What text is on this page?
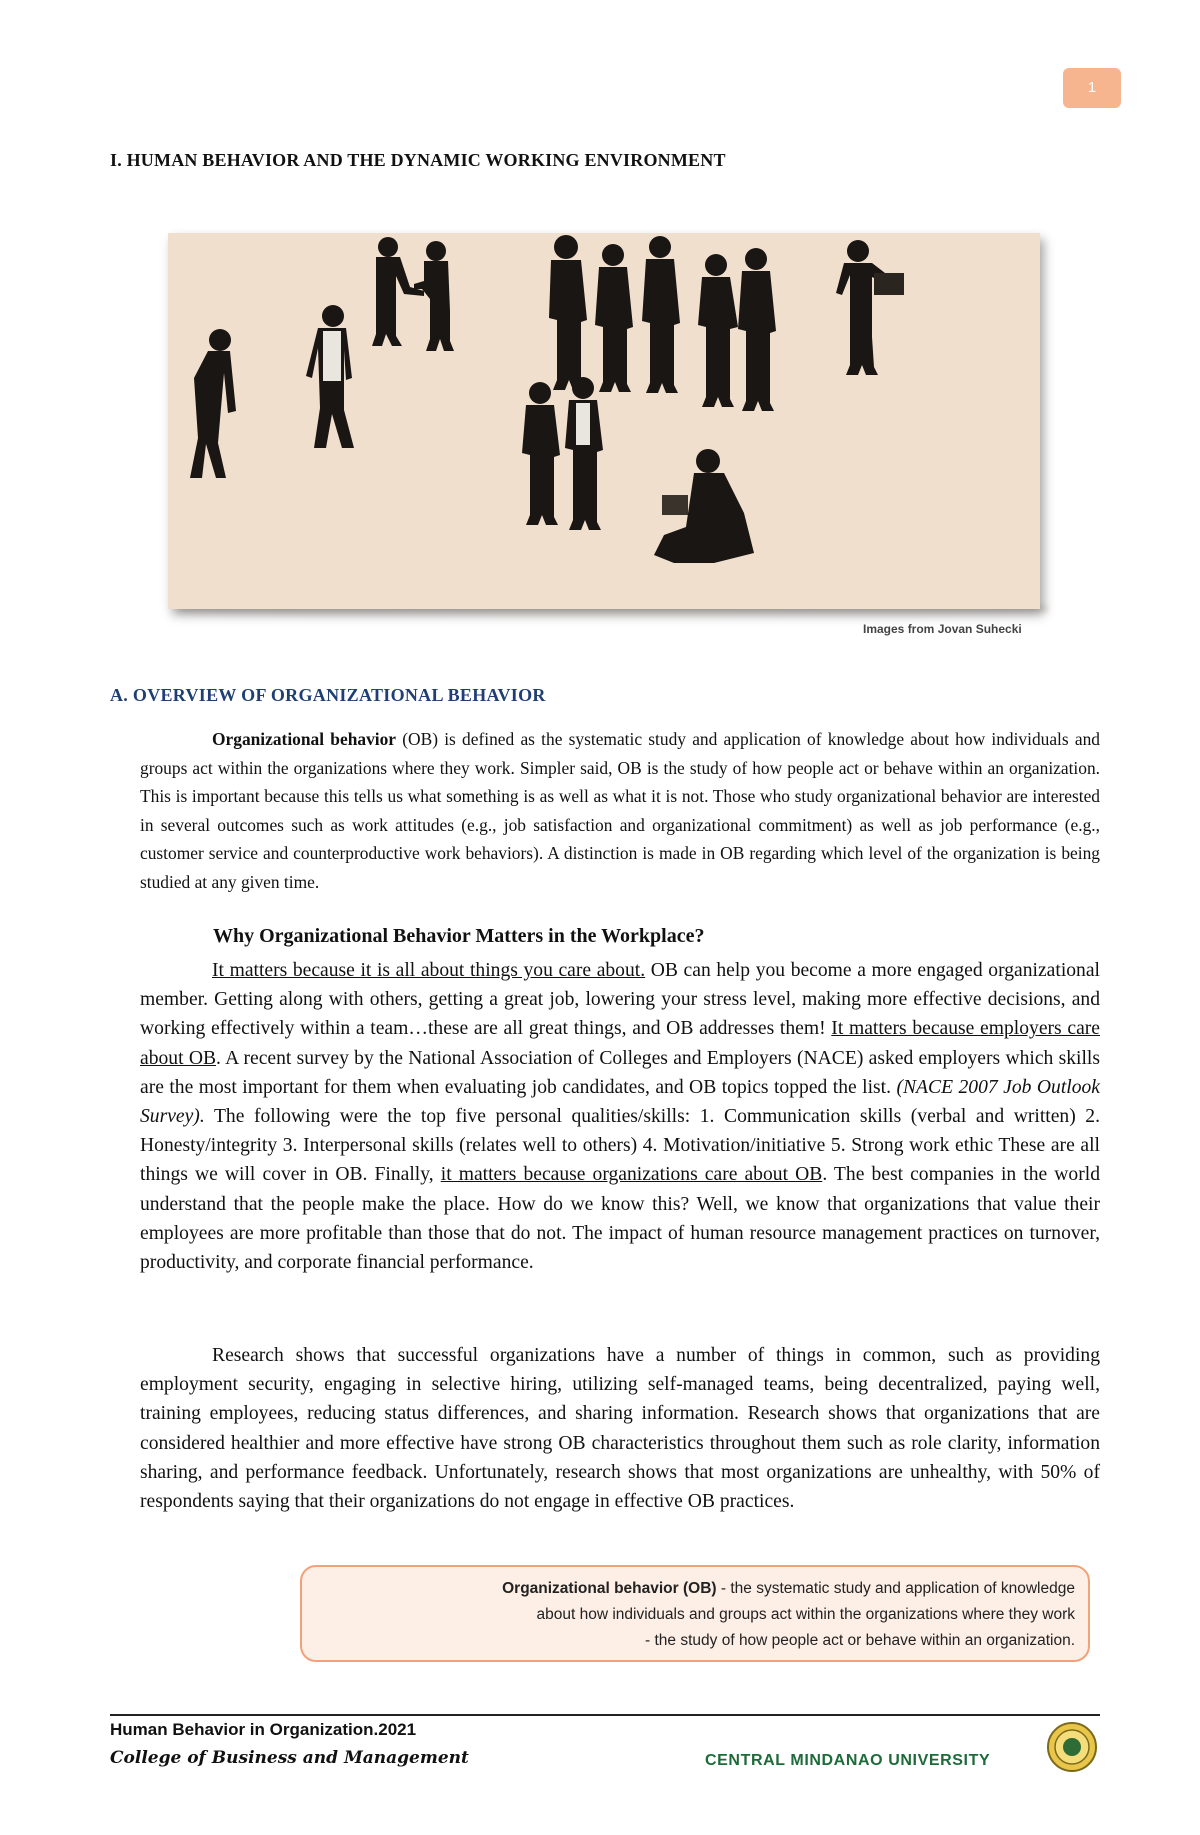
1
I. HUMAN BEHAVIOR AND THE DYNAMIC WORKING ENVIRONMENT
Images from Jovan Suhecki
A. OVERVIEW OF ORGANIZATIONAL BEHAVIOR
Organizational behavior (OB) is defined as the systematic study and application of knowledge about how individuals and groups act within the organizations where they work. Simpler said, OB is the study of how people act or behave within an organization. This is important because this tells us what something is as well as what it is not. Those who study organizational behavior are interested in several outcomes such as work attitudes (e.g., job satisfaction and organizational commitment) as well as job performance (e.g., customer service and counterproductive work behaviors). A distinction is made in OB regarding which level of the organization is being studied at any given time.
Why Organizational Behavior Matters in the Workplace?
It matters because it is all about things you care about. OB can help you become a more engaged organizational member. Getting along with others, getting a great job, lowering your stress level, making more effective decisions, and working effectively within a team…these are all great things, and OB addresses them! It matters because employers care about OB. A recent survey by the National Association of Colleges and Employers (NACE) asked employers which skills are the most important for them when evaluating job candidates, and OB topics topped the list. (NACE 2007 Job Outlook Survey). The following were the top five personal qualities/skills: 1. Communication skills (verbal and written) 2. Honesty/integrity 3. Interpersonal skills (relates well to others) 4. Motivation/initiative 5. Strong work ethic These are all things we will cover in OB. Finally, it matters because organizations care about OB. The best companies in the world understand that the people make the place. How do we know this? Well, we know that organizations that value their employees are more profitable than those that do not. The impact of human resource management practices on turnover, productivity, and corporate financial performance.
Research shows that successful organizations have a number of things in common, such as providing employment security, engaging in selective hiring, utilizing self-managed teams, being decentralized, paying well, training employees, reducing status differences, and sharing information. Research shows that organizations that are considered healthier and more effective have strong OB characteristics throughout them such as role clarity, information sharing, and performance feedback. Unfortunately, research shows that most organizations are unhealthy, with 50% of respondents saying that their organizations do not engage in effective OB practices.
Organizational behavior (OB) - the systematic study and application of knowledge
about how individuals and groups act within the organizations where they work
- the study of how people act or behave within an organization.
Human Behavior in Organization.2021
College of Business and Management	CENTRAL MINDANAO UNIVERSITY
